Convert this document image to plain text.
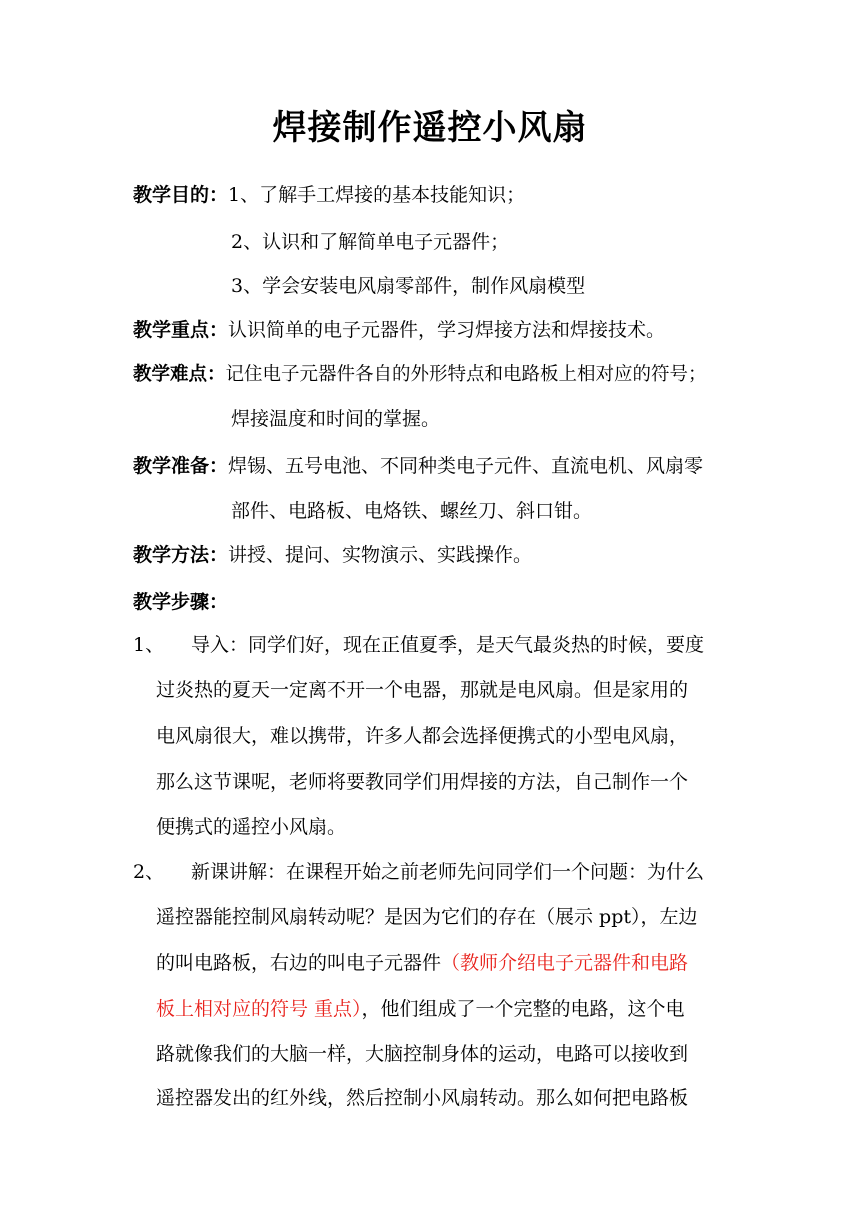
焊接制作遥控小风扇
教学目的：1、了解手工焊接的基本技能知识；
2、认识和了解简单电子元器件；
3、学会安装电风扇零部件，制作风扇模型
教学重点：认识简单的电子元器件，学习焊接方法和焊接技术。
教学难点：记住电子元器件各自的外形特点和电路板上相对应的符号；
焊接温度和时间的掌握。
教学准备：焊锡、五号电池、不同种类电子元件、直流电机、风扇零
部件、电路板、电烙铁、螺丝刀、斜口钳。
教学方法：讲授、提问、实物演示、实践操作。
教学步骤：
1、 导入：同学们好，现在正值夏季，是天气最炎热的时候，要度
过炎热的夏天一定离不开一个电器，那就是电风扇。但是家用的
电风扇很大，难以携带，许多人都会选择便携式的小型电风扇，
那么这节课呢，老师将要教同学们用焊接的方法，自己制作一个
便携式的遥控小风扇。
2、 新课讲解：在课程开始之前老师先问同学们一个问题：为什么
遥控器能控制风扇转动呢？是因为它们的存在（展示 ppt），左边
的叫电路板，右边的叫电子元器件（教师介绍电子元器件和电路
板上相对应的符号 重点），他们组成了一个完整的电路，这个电
路就像我们的大脑一样，大脑控制身体的运动，电路可以接收到
遥控器发出的红外线，然后控制小风扇转动。那么如何把电路板
